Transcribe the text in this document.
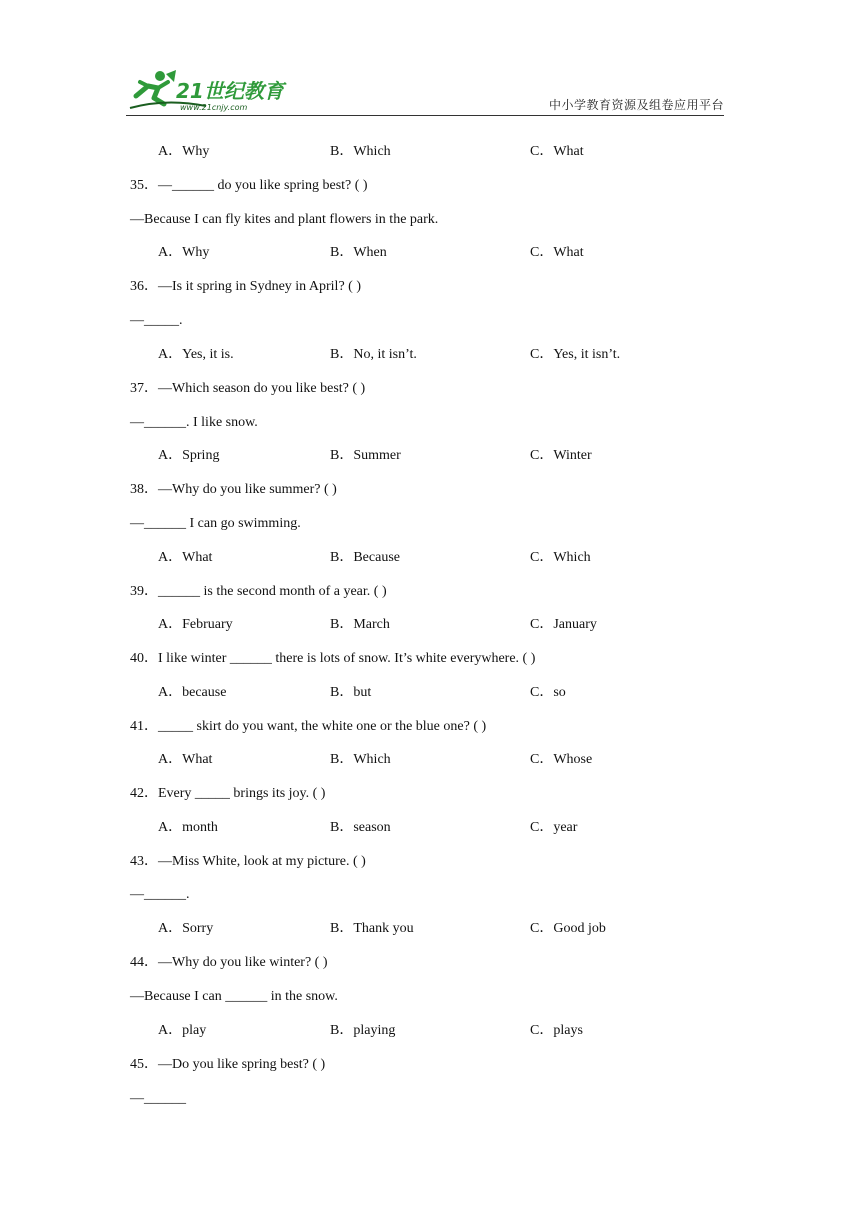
21世纪教育
www.21cnjy.com	中小学教育资源及组卷应用平台
A．Why	B．Which	C．What
35．—______ do you like spring best? ( )
—Because I can fly kites and plant flowers in the park.
A．Why	B．When	C．What
36．—Is it spring in Sydney in April? ( )
—_____.
A．Yes, it is.	B．No, it isn’t.	C．Yes, it isn’t.
37．—Which season do you like best? ( )
—______. I like snow.
A．Spring	B．Summer	C．Winter
38．—Why do you like summer? ( )
—______ I can go swimming.
A．What	B．Because	C．Which
39．______ is the second month of a year. ( )
A．February	B．March	C．January
40．I like winter ______ there is lots of snow. It’s white everywhere. ( )
A．because	B．but	C．so
41．_____ skirt do you want, the white one or the blue one? ( )
A．What	B．Which	C．Whose
42．Every _____ brings its joy. ( )
A．month	B．season	C．year
43．—Miss White, look at my picture. ( )
—______.
A．Sorry	B．Thank you	C．Good job
44．—Why do you like winter? ( )
—Because I can ______ in the snow.
A．play	B．playing	C．plays
45．—Do you like spring best? ( )
—______
